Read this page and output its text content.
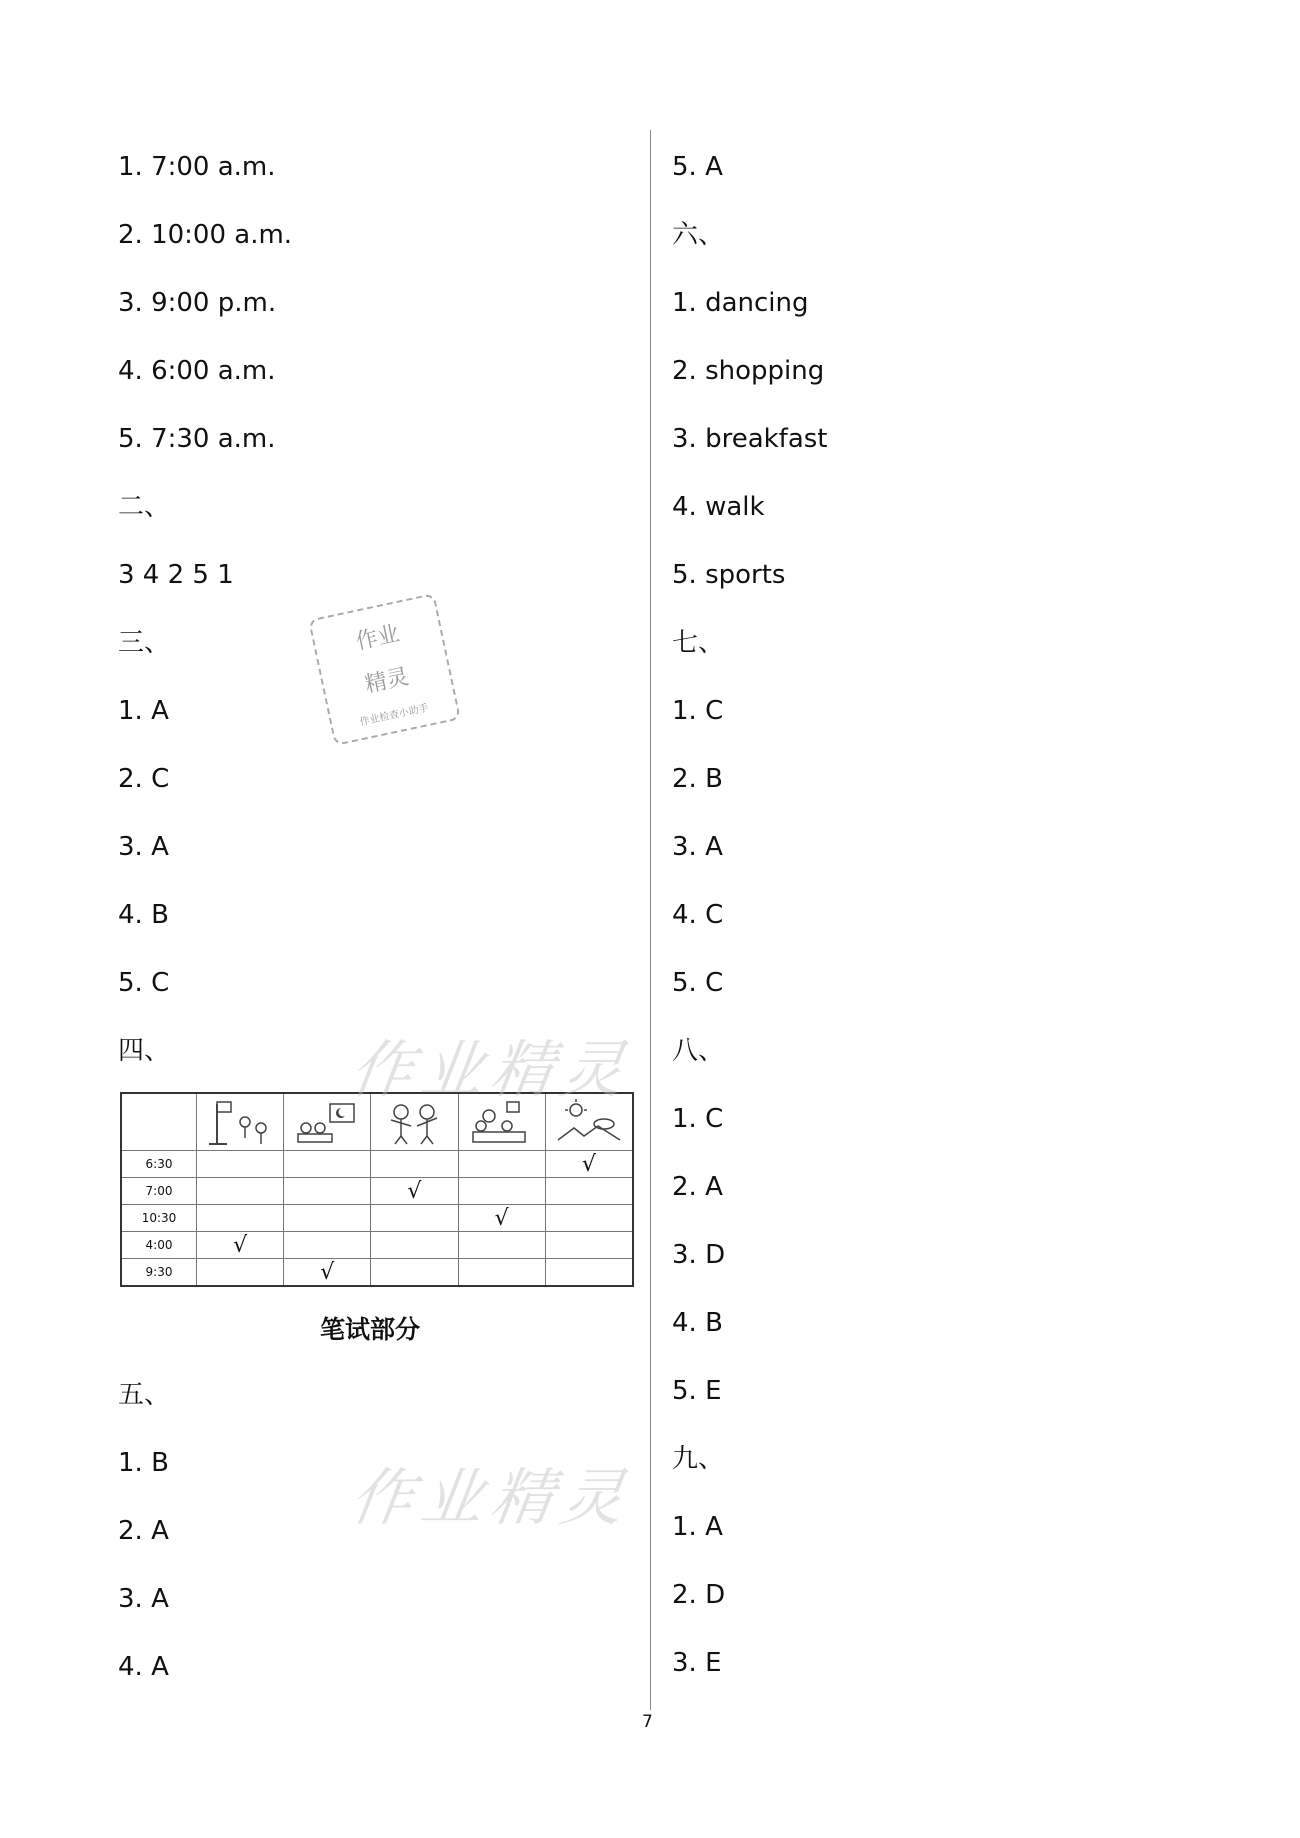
1. 7:00 a.m.
2. 10:00 a.m.
3. 9:00 p.m.
4. 6:00 a.m.
5. 7:30 a.m.
二、
3 4 2 5 1
三、
1. A
2. C
3. A
4. B
5. C
四、

6:30					√
7:00			√		
10:30				√	
4:00	√				
9:30		√			
笔试部分
五、
1. B
2. A
3. A
4. A
5. A
六、
1. dancing
2. shopping
3. breakfast
4. walk
5. sports
七、
1. C
2. B
3. A
4. C
5. C
八、
1. C
2. A
3. D
4. B
5. E
九、
1. A
2. D
3. E
作业
精灵
作业检查小助手
作业精灵
作业精灵
7
